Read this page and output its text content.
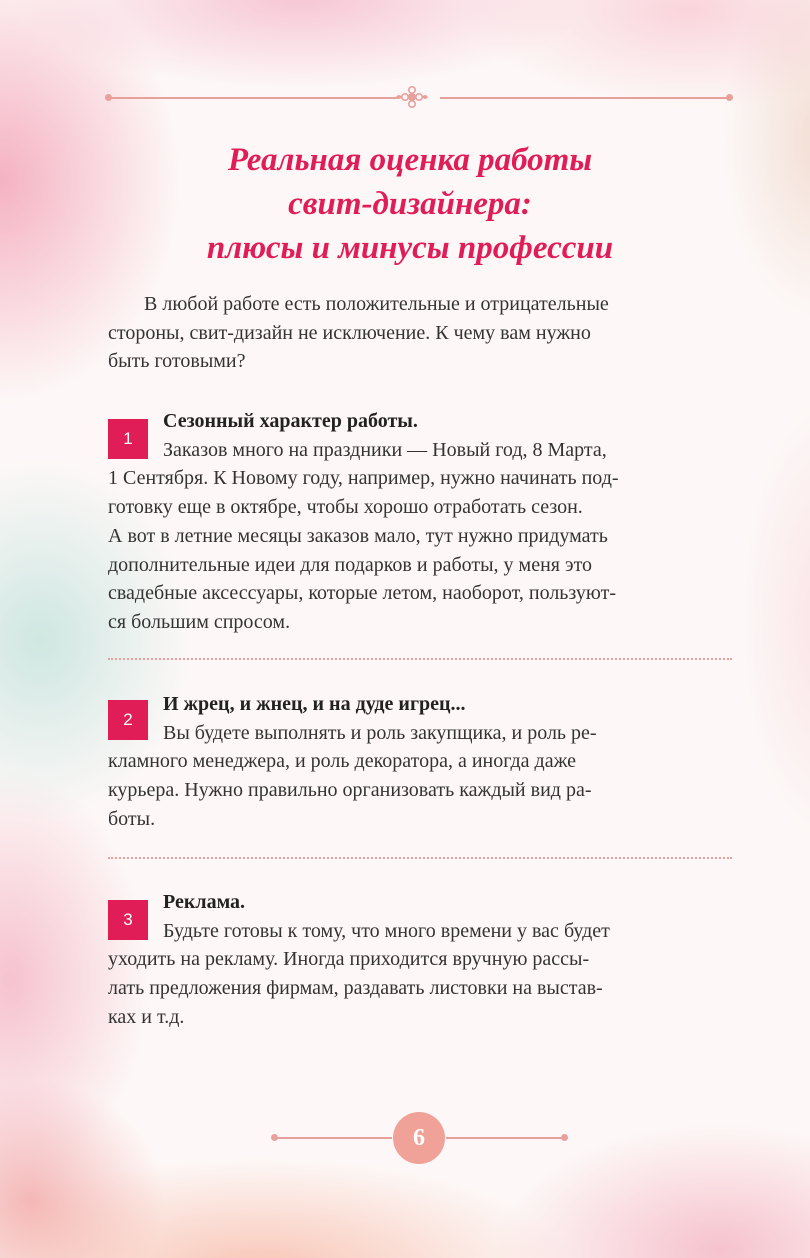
Реальная оценка работы
свит-дизайнера:
плюсы и минусы профессии
В любой работе есть положительные и отрицательные
стороны, свит-дизайн не исключение. К чему вам нужно
быть готовыми?
1
Сезонный характер работы.
Заказов много на праздники — Новый год, 8 Марта,
1 Сентября. К Новому году, например, нужно начинать под-
готовку еще в октябре, чтобы хорошо отработать сезон.
А вот в летние месяцы заказов мало, тут нужно придумать
дополнительные идеи для подарков и работы, у меня это
свадебные аксессуары, которые летом, наоборот, пользуют-
ся большим спросом.
2
И жрец, и жнец, и на дуде игрец...
Вы будете выполнять и роль закупщика, и роль ре-
кламного менеджера, и роль декоратора, а иногда даже
курьера. Нужно правильно организовать каждый вид ра-
боты.
3
Реклама.
Будьте готовы к тому, что много времени у вас будет
уходить на рекламу. Иногда приходится вручную рассы-
лать предложения фирмам, раздавать листовки на выстав-
ках и т.д.
6
